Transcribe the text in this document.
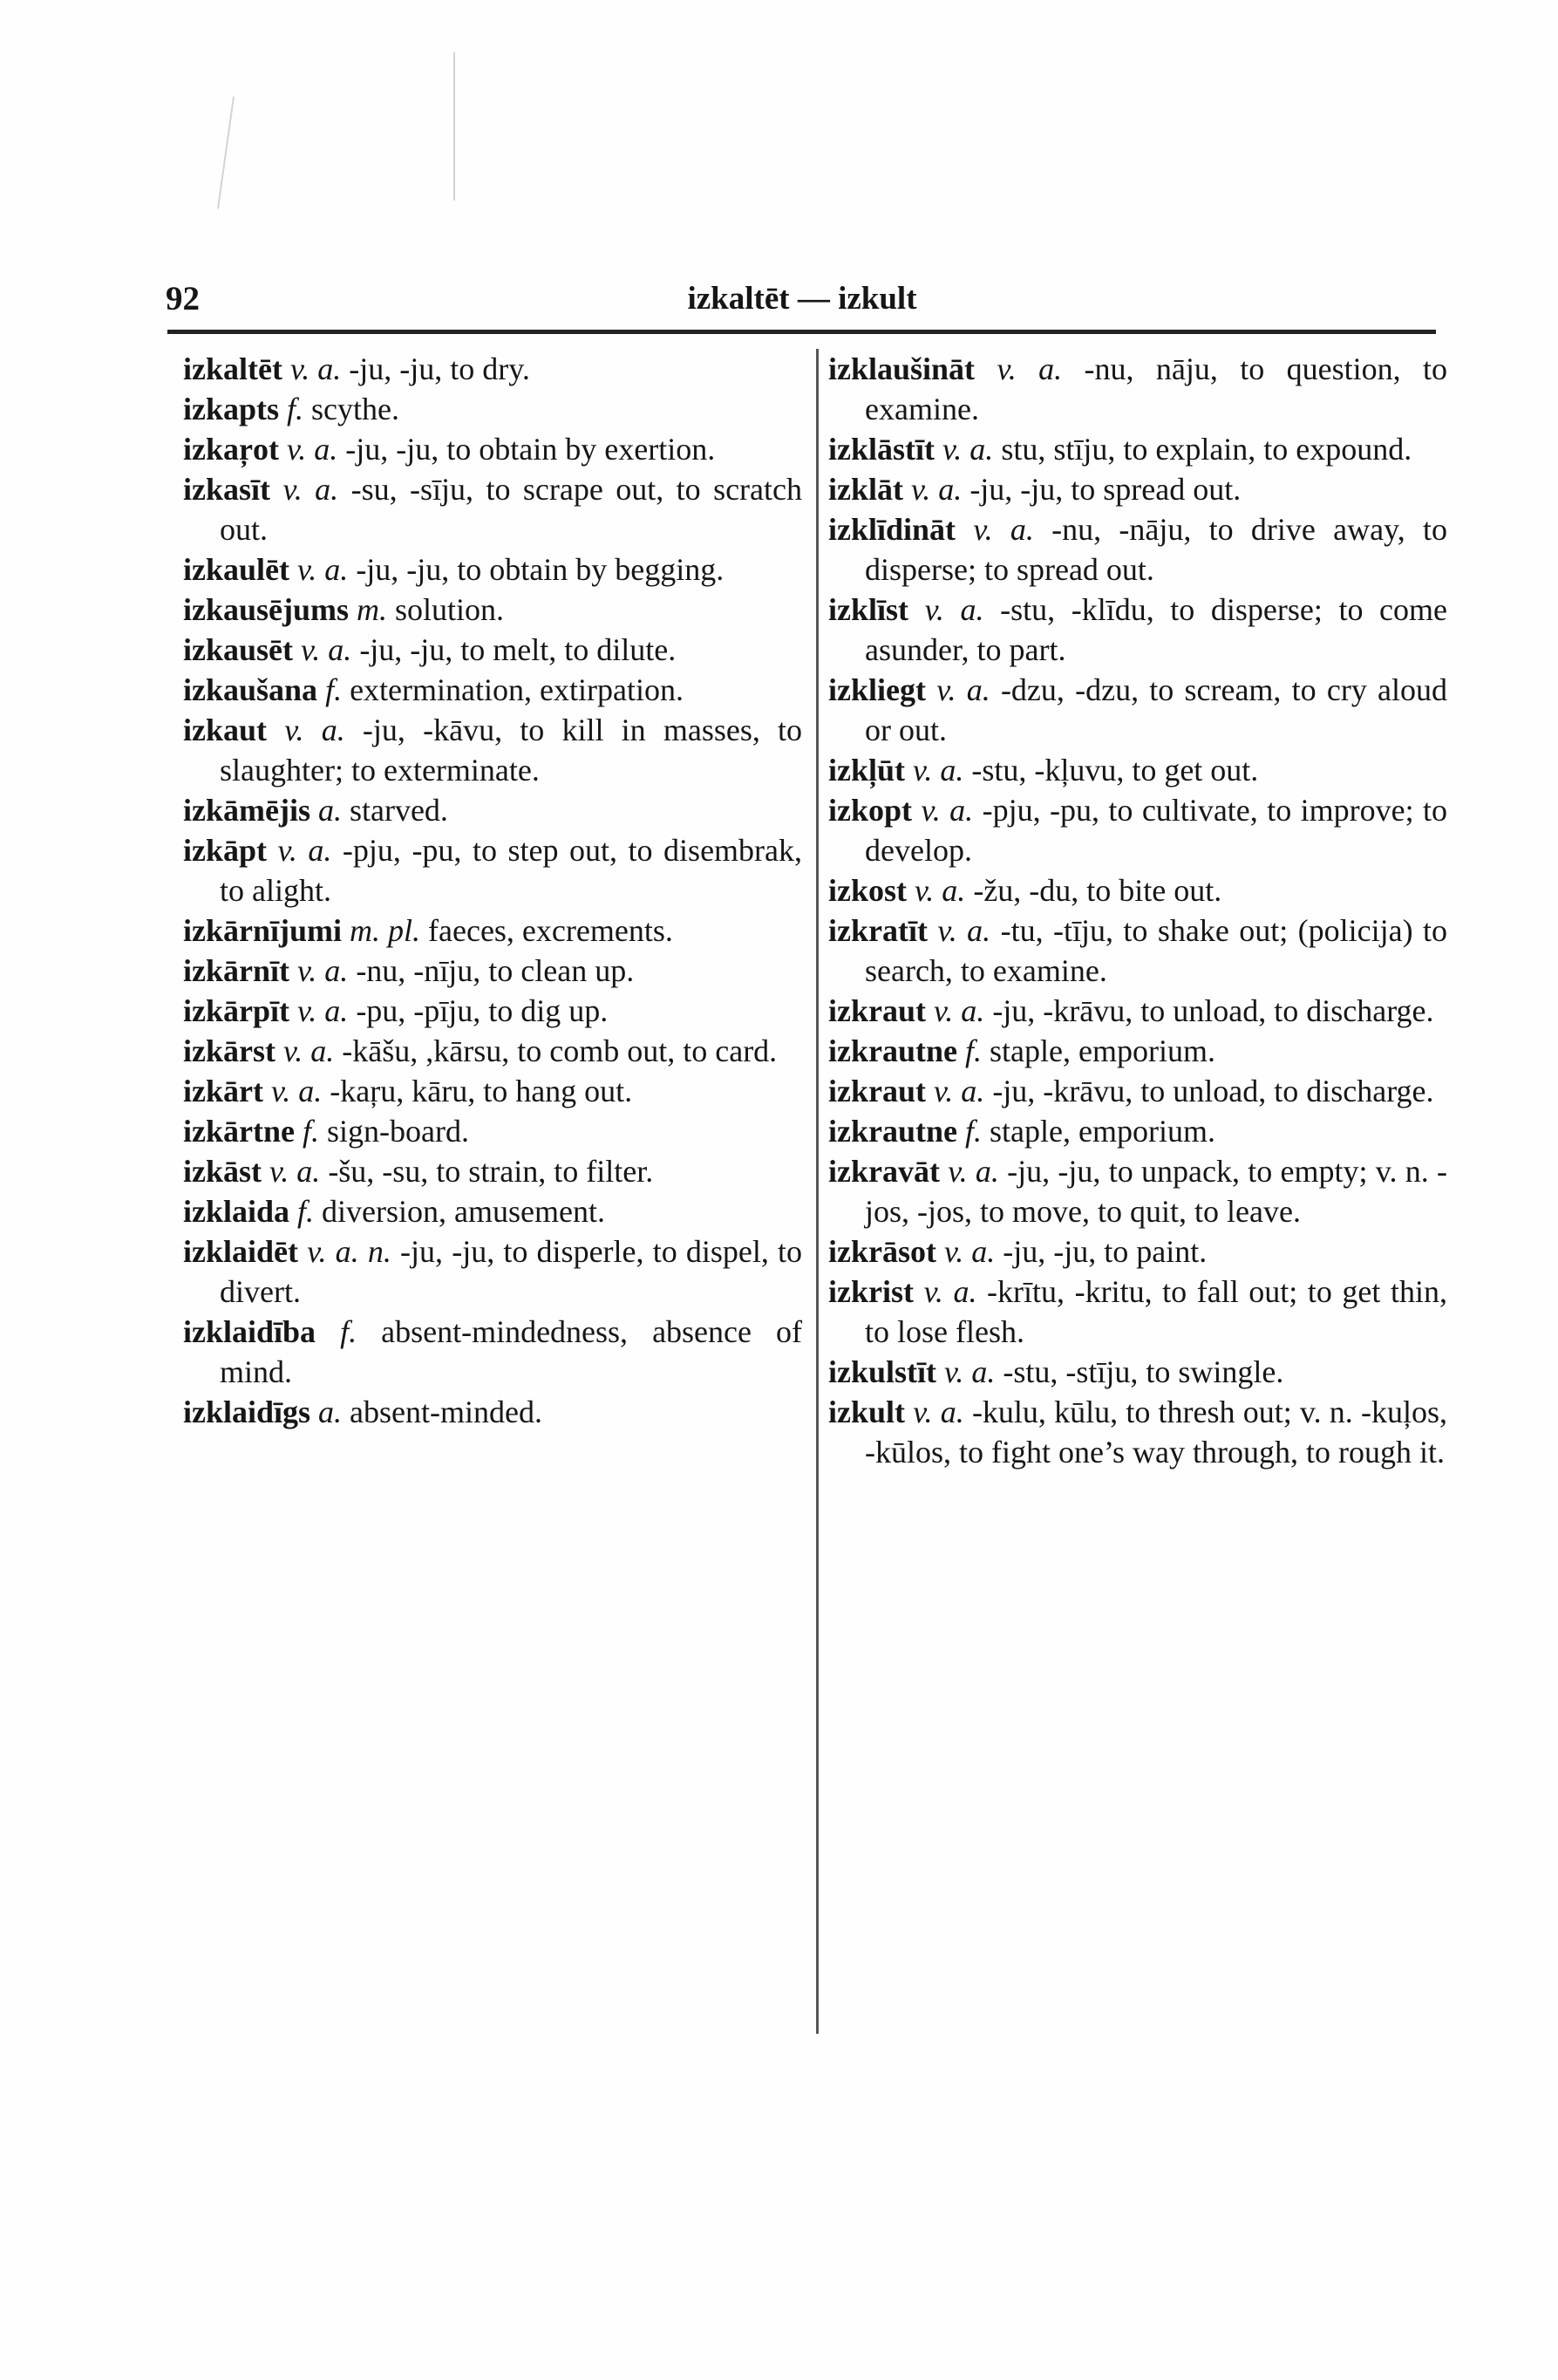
92	izkaltēt — izkult
izkaltēt v. a. -ju, -ju, to dry.
izkapts f. scythe.
izkaŗot v. a. -ju, -ju, to obtain by exertion.
izkasīt v. a. -su, -sīju, to scrape out, to scratch out.
izkaulēt v. a. -ju, -ju, to obtain by begging.
izkausējums m. solution.
izkausēt v. a. -ju, -ju, to melt, to dilute.
izkaušana f. extermination, extirpation.
izkaut v. a. -ju, -kāvu, to kill in masses, to slaughter; to exterminate.
izkāmējis a. starved.
izkāpt v. a. -pju, -pu, to step out, to disembrak, to alight.
izkārnījumi m. pl. faeces, excrements.
izkārnīt v. a. -nu, -nīju, to clean up.
izkārpīt v. a. -pu, -pīju, to dig up.
izkārst v. a. -kāšu, ,kārsu, to comb out, to card.
izkārt v. a. -kaŗu, kāru, to hang out.
izkārtne f. sign-board.
izkāst v. a. -šu, -su, to strain, to filter.
izklaida f. diversion, amusement.
izklaidēt v. a. n. -ju, -ju, to disperle, to dispel, to divert.
izklaidība f. absent-mindedness, absence of mind.
izklaidīgs a. absent-minded.
izklaušināt v. a. -nu, nāju, to question, to examine.
izklāstīt v. a. stu, stīju, to explain, to expound.
izklāt v. a. -ju, -ju, to spread out.
izklīdināt v. a. -nu, -nāju, to drive away, to disperse; to spread out.
izklīst v. a. -stu, -klīdu, to disperse; to come asunder, to part.
izkliegt v. a. -dzu, -dzu, to scream, to cry aloud or out.
izkļūt v. a. -stu, -kļuvu, to get out.
izkopt v. a. -pju, -pu, to cultivate, to improve; to develop.
izkost v. a. -žu, -du, to bite out.
izkratīt v. a. -tu, -tīju, to shake out; (policija) to search, to examine.
izkraut v. a. -ju, -krāvu, to unload, to discharge.
izkrautne f. staple, emporium.
izkraut v. a. -ju, -krāvu, to unload, to discharge.
izkrautne f. staple, emporium.
izkravāt v. a. -ju, -ju, to unpack, to empty; v. n. -jos, -jos, to move, to quit, to leave.
izkrāsot v. a. -ju, -ju, to paint.
izkrist v. a. -krītu, -kritu, to fall out; to get thin, to lose flesh.
izkulstīt v. a. -stu, -stīju, to swingle.
izkult v. a. -kulu, kūlu, to thresh out; v. n. -kuļos, -kūlos, to fight one’s way through, to rough it.
